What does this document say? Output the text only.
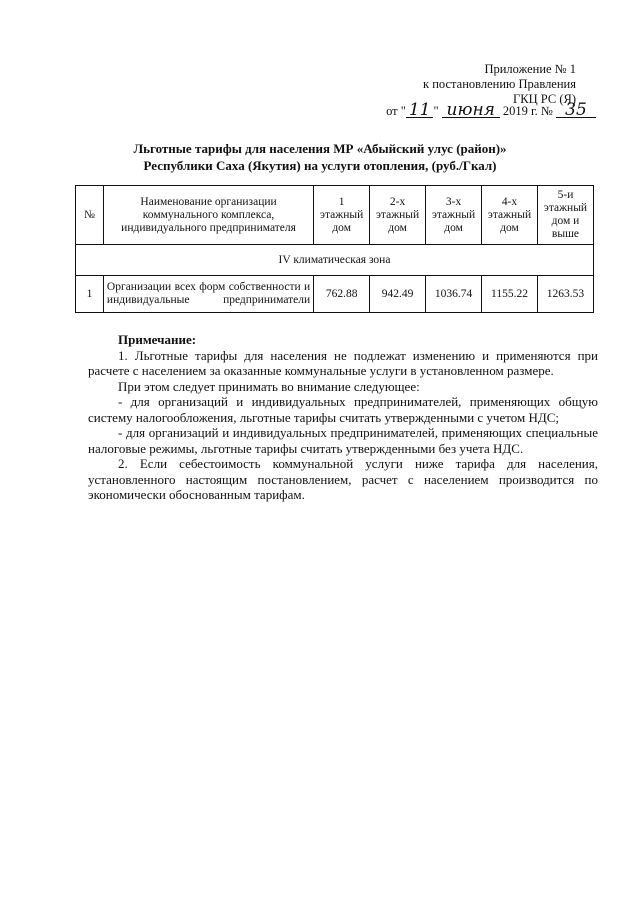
Приложение № 1
к постановлению Правления
ГКЦ РС (Я)
от " 11 " июня 2019 г. № 35
Льготные тарифы для населения МР «Абыйский улус (район)»
Республики Саха (Якутия) на услуги отопления, (руб./Гкал)
№	Наименование организации коммунального комплекса, индивидуального предпринимателя	1 этажный дом	2-х этажный дом	3-х этажный дом	4-х этажный дом	5-и этажный дом и выше
IV климатическая зона						
1	Организации всех форм собственности и индивидуальные предприниматели	762.88	942.49	1036.74	1155.22	1263.53
Примечание:

1. Льготные тарифы для населения не подлежат изменению и применяются при расчете с населением за оказанные коммунальные услуги в установленном размере.

При этом следует принимать во внимание следующее:

- для организаций и индивидуальных предпринимателей, применяющих общую систему налогообложения, льготные тарифы считать утвержденными с учетом НДС;

- для организаций и индивидуальных предпринимателей, применяющих специальные налоговые режимы, льготные тарифы считать утвержденными без учета НДС.

2. Если себестоимость коммунальной услуги ниже тарифа для населения, установленного настоящим постановлением, расчет с населением производится по экономически обоснованным тарифам.
